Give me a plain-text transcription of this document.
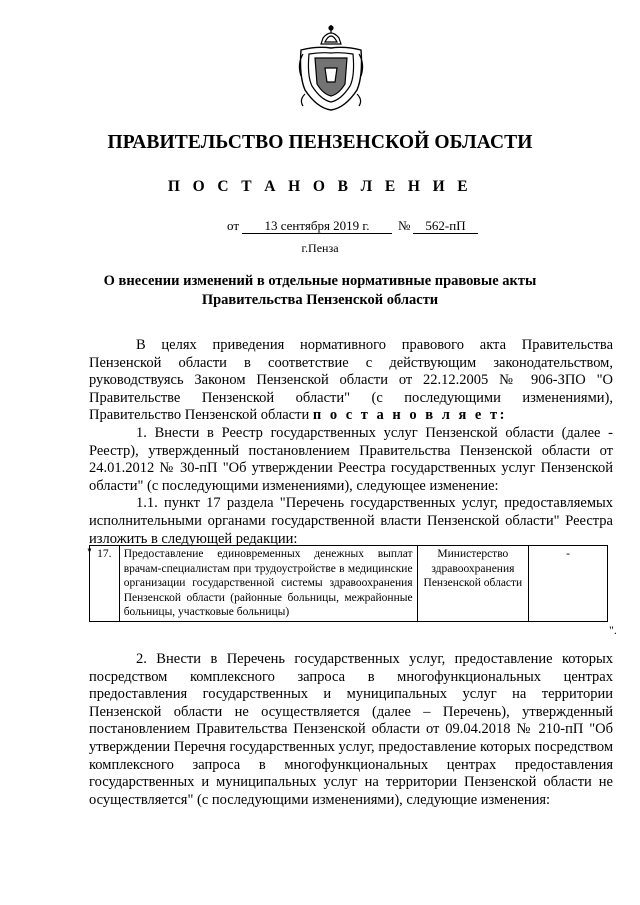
ПРАВИТЕЛЬСТВО ПЕНЗЕНСКОЙ ОБЛАСТИ
П О С Т А Н О В Л Е Н И Е
от	13 сентября 2019 г.	№	562-пП
г.Пенза
О внесении изменений в отдельные нормативные правовые акты
Правительства Пензенской области

В целях приведения нормативного правового акта Правительства Пензенской области в соответствие с действующим законодательством, руководствуясь Законом Пензенской области от 22.12.2005 № 906-ЗПО "О Правительстве Пензенской области" (с последующими изменениями), Правительство Пензенской области п о с т а н о в л я е т:

1. Внести в Реестр государственных услуг Пензенской области (далее - Реестр), утвержденный постановлением Правительства Пензенской области от 24.01.2012 № 30-пП "Об утверждении Реестра государственных услуг Пензенской области" (с последующими изменениями), следующее изменение:

1.1. пункт 17 раздела "Перечень государственных услуг, предоставляемых исполнительными органами государственной власти Пензенской области" Реестра изложить в следующей редакции:

" 17.	Предоставление единовременных денежных выплат врачам-специалистам при трудоустройстве в медицинские организации государственной системы здравоохранения Пензенской области (районные больницы, межрайонные больницы, участковые больницы)	Министерство здравоохранения Пензенской области	-
".

2. Внести в Перечень государственных услуг, предоставление которых посредством комплексного запроса в многофункциональных центрах предоставления государственных и муниципальных услуг на территории Пензенской области не осуществляется (далее – Перечень), утвержденный постановлением Правительства Пензенской области от 09.04.2018 № 210-пП "Об утверждении Перечня государственных услуг, предоставление которых посредством комплексного запроса в многофункциональных центрах предоставления государственных и муниципальных услуг на территории Пензенской области не осуществляется" (с последующими изменениями), следующие изменения:
